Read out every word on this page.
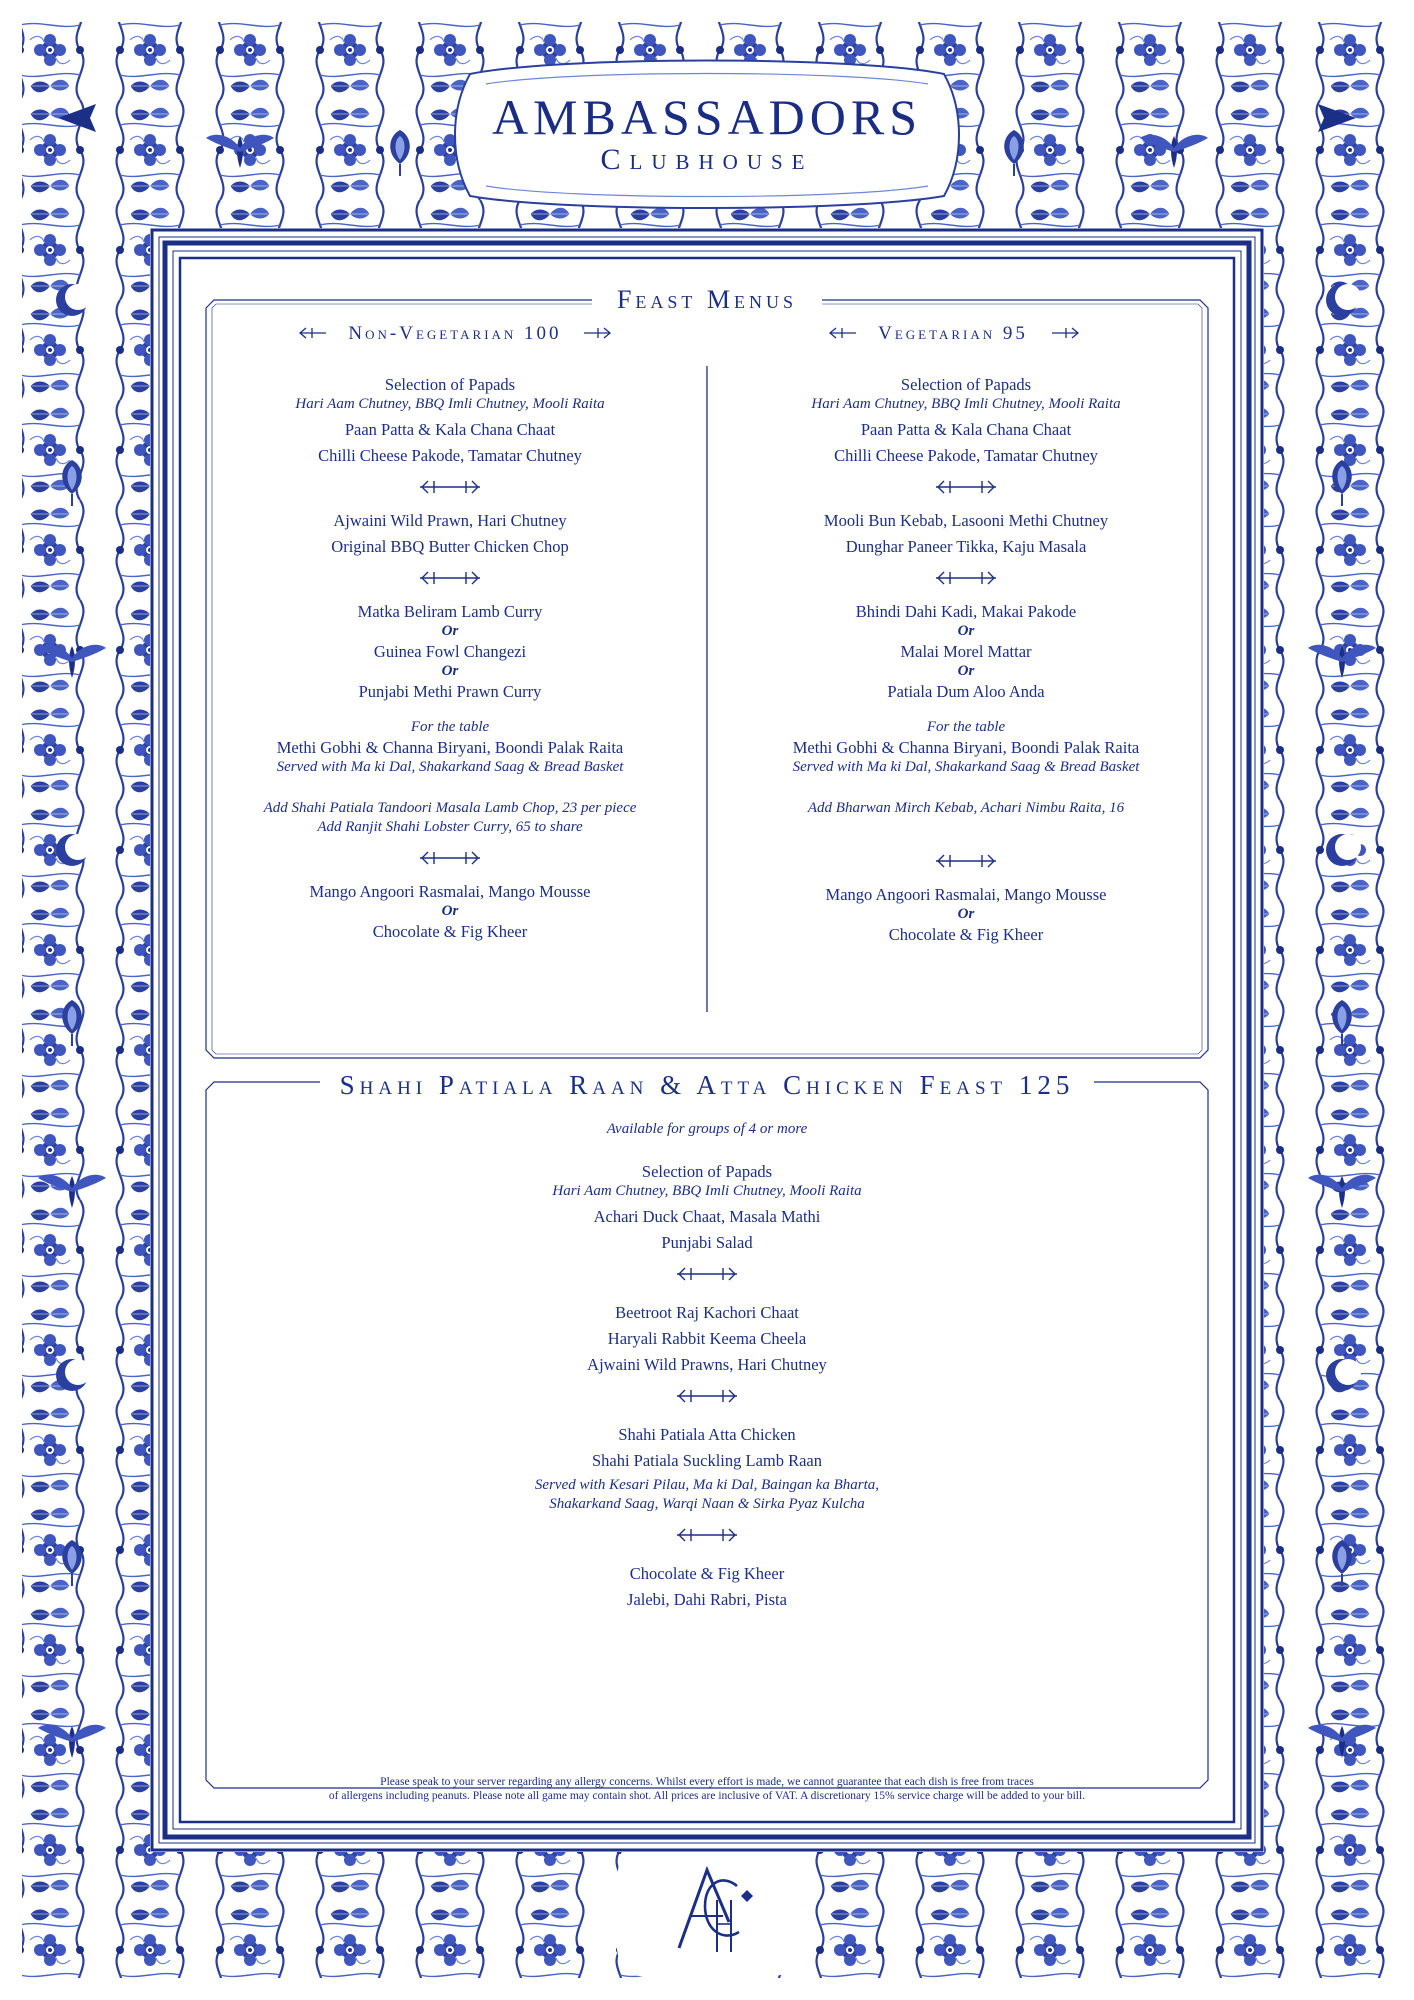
AMBASSADORS
Clubhouse
Feast Menus
Non-Vegetarian 100	Vegetarian 95
Selection of Papads
Hari Aam Chutney, BBQ Imli Chutney, Mooli Raita
Paan Patta & Kala Chana Chaat
Chilli Cheese Pakode, Tamatar Chutney
Ajwaini Wild Prawn, Hari Chutney
Original BBQ Butter Chicken Chop
Matka Beliram Lamb Curry
Or
Guinea Fowl Changezi
Or
Punjabi Methi Prawn Curry
For the table
Methi Gobhi & Channa Biryani, Boondi Palak Raita
Served with Ma ki Dal, Shakarkand Saag & Bread Basket
Add Shahi Patiala Tandoori Masala Lamb Chop, 23 per piece
Add Ranjit Shahi Lobster Curry, 65 to share
Mango Angoori Rasmalai, Mango Mousse
Or
Chocolate & Fig Kheer
Selection of Papads
Hari Aam Chutney, BBQ Imli Chutney, Mooli Raita
Paan Patta & Kala Chana Chaat
Chilli Cheese Pakode, Tamatar Chutney
Mooli Bun Kebab, Lasooni Methi Chutney
Dunghar Paneer Tikka, Kaju Masala
Bhindi Dahi Kadi, Makai Pakode
Or
Malai Morel Mattar
Or
Patiala Dum Aloo Anda
For the table
Methi Gobhi & Channa Biryani, Boondi Palak Raita
Served with Ma ki Dal, Shakarkand Saag & Bread Basket
Add Bharwan Mirch Kebab, Achari Nimbu Raita, 16
Mango Angoori Rasmalai, Mango Mousse
Or
Chocolate & Fig Kheer
Shahi Patiala Raan & Atta Chicken Feast 125
Available for groups of 4 or more
Selection of Papads
Hari Aam Chutney, BBQ Imli Chutney, Mooli Raita
Achari Duck Chaat, Masala Mathi
Punjabi Salad
Beetroot Raj Kachori Chaat
Haryali Rabbit Keema Cheela
Ajwaini Wild Prawns, Hari Chutney
Shahi Patiala Atta Chicken
Shahi Patiala Suckling Lamb Raan
Served with Kesari Pilau, Ma ki Dal, Baingan ka Bharta,
Shakarkand Saag, Warqi Naan & Sirka Pyaz Kulcha
Chocolate & Fig Kheer
Jalebi, Dahi Rabri, Pista
Please speak to your server regarding any allergy concerns. Whilst every effort is made, we cannot guarantee that each dish is free from traces
of allergens including peanuts. Please note all game may contain shot. All prices are inclusive of VAT. A discretionary 15% service charge will be added to your bill.
